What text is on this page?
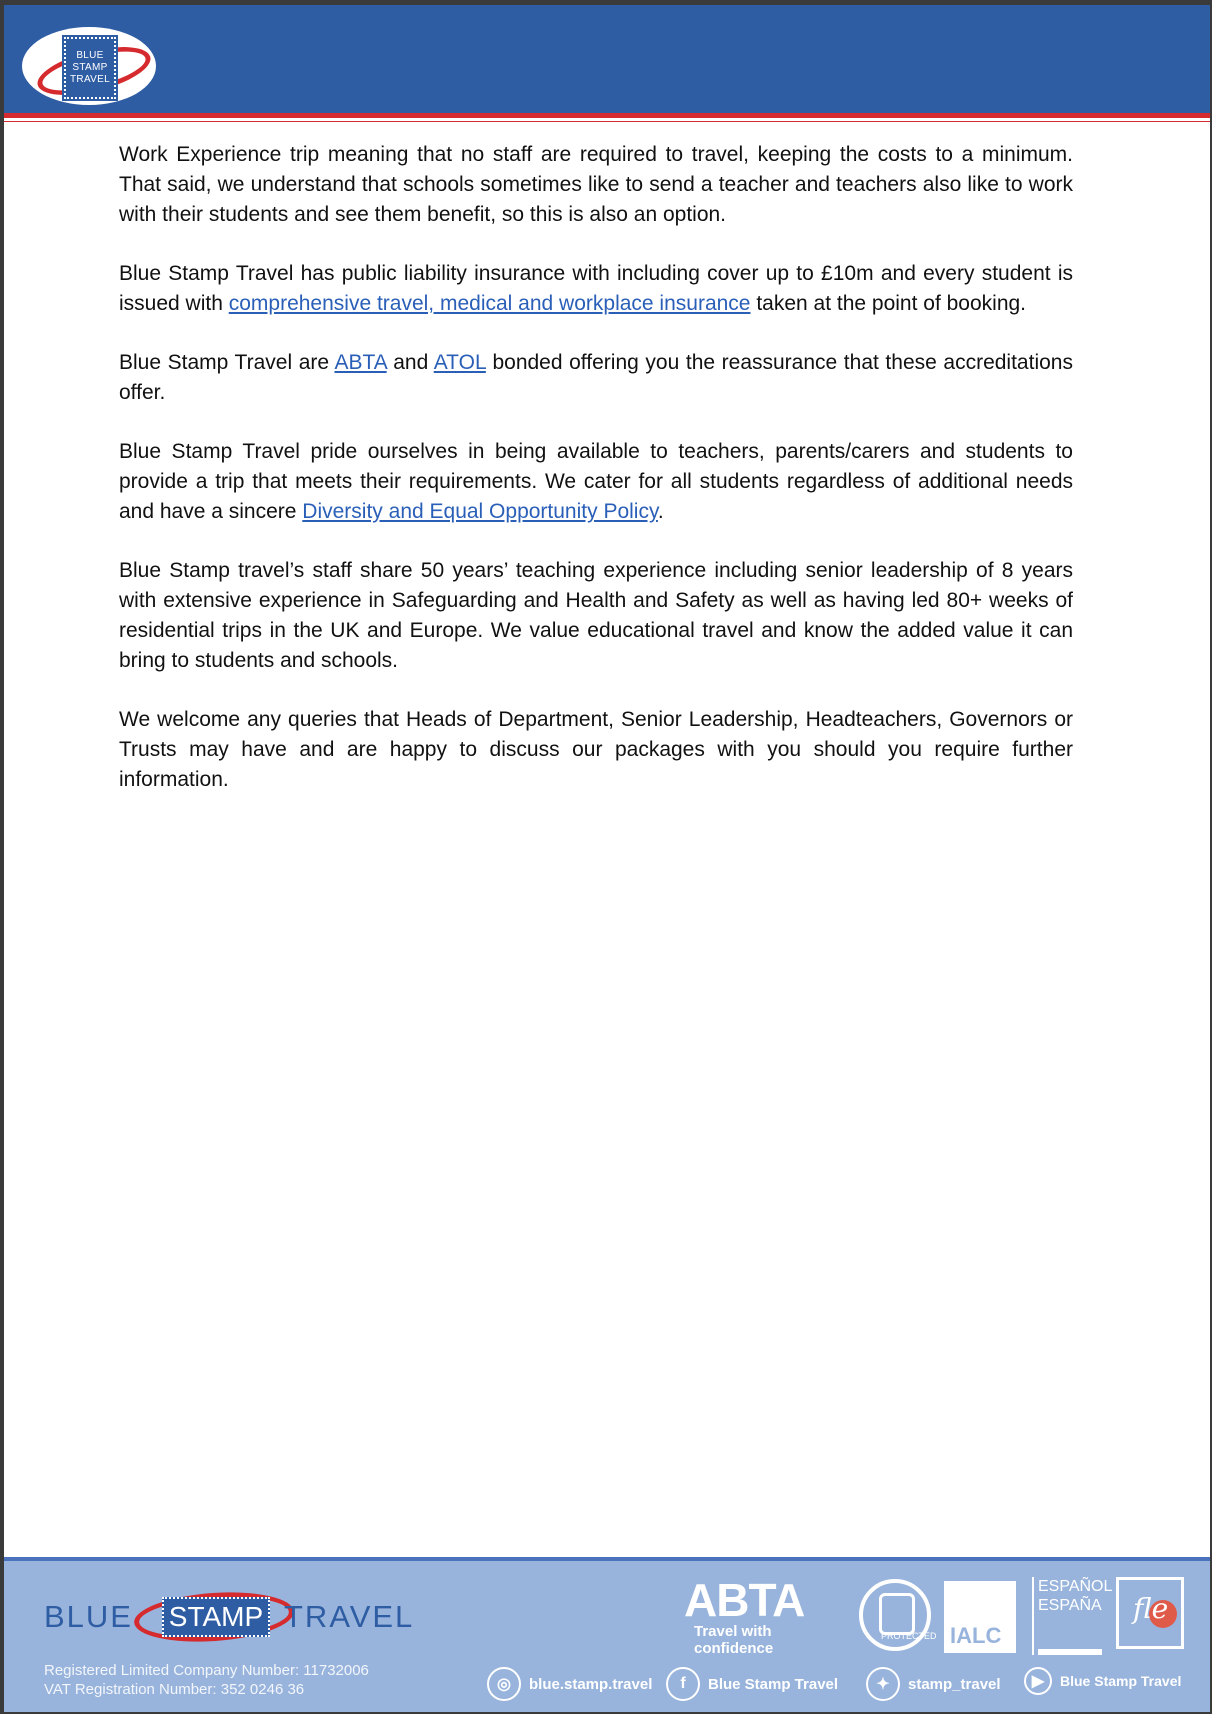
BLUE
STAMP
TRAVEL

Work Experience trip meaning that no staff are required to travel, keeping the costs to a minimum. That said, we understand that schools sometimes like to send a teacher and teachers also like to work with their students and see them benefit, so this is also an option.

Blue Stamp Travel has public liability insurance with including cover up to £10m and every student is issued with comprehensive travel, medical and workplace insurance taken at the point of booking.

Blue Stamp Travel are ABTA and ATOL bonded offering you the reassurance that these accreditations offer.

Blue Stamp Travel pride ourselves in being available to teachers, parents/carers and students to provide a trip that meets their requirements. We cater for all students regardless of additional needs and have a sincere Diversity and Equal Opportunity Policy.

Blue Stamp travel’s staff share 50 years’ teaching experience including senior leadership of 8 years with extensive experience in Safeguarding and Health and Safety as well as having led 80+ weeks of residential trips in the UK and Europe. We value educational travel and know the added value it can bring to students and schools.

We welcome any queries that Heads of Department, Senior Leadership, Headteachers, Governors or Trusts may have and are happy to discuss our packages with you should you require further information.

BLUE STAMP TRAVEL
Registered Limited Company Number: 11732006
VAT Registration Number: 352 0246 36
ABTA
Travel with confidence
PROTECTED IALC
ESPAÑOL
ESPAÑA fle
◎	blue.stamp.travel	f	Blue Stamp Travel	✦	stamp_travel	▶	Blue Stamp Travel
